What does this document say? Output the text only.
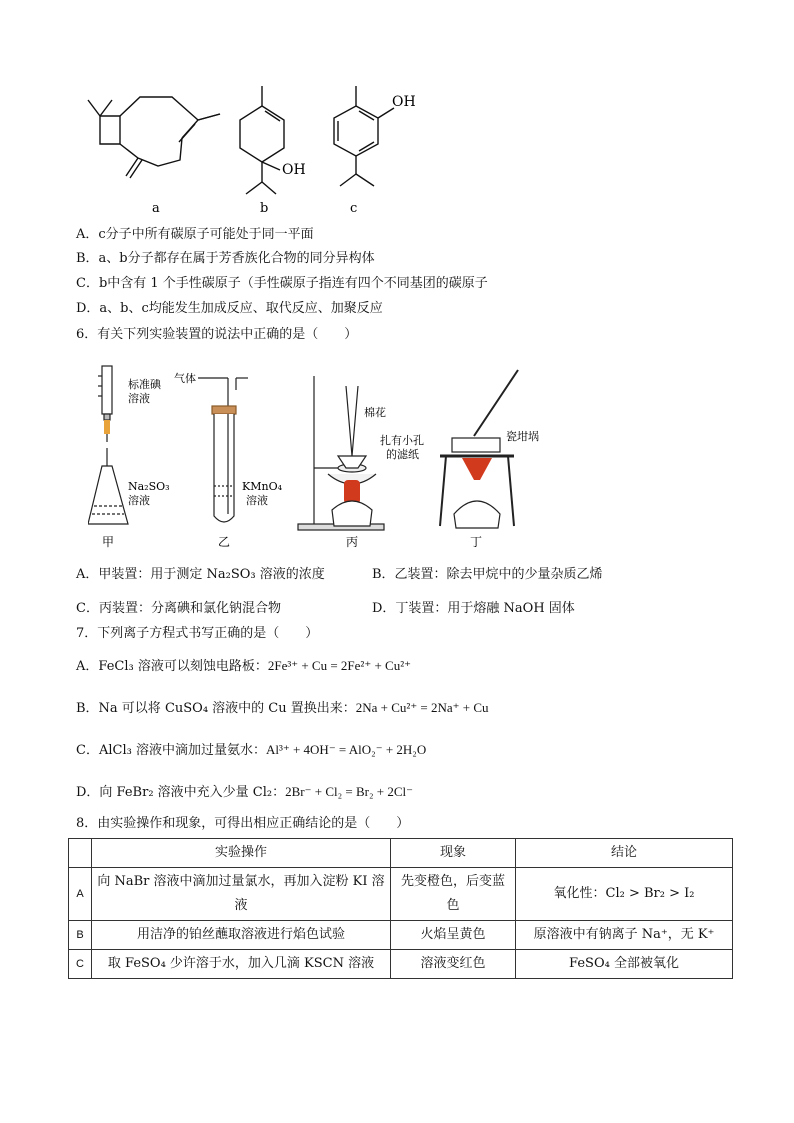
OH
OH
a	b	c
A．c分子中所有碳原子可能处于同一平面
B．a、b分子都存在属于芳香族化合物的同分异构体
C．b中含有 1 个手性碳原子（手性碳原子指连有四个不同基团的碳原子
D．a、b、c均能发生加成反应、取代反应、加聚反应
6．有关下列实验装置的说法中正确的是（　　）
标准碘
溶液
Na₂SO₃
溶液
气体
KMnO₄
溶液
棉花
扎有小孔
的滤纸
瓷坩埚
甲	乙	丙	丁
A．甲装置：用于测定 Na₂SO₃ 溶液的浓度	B．乙装置：除去甲烷中的少量杂质乙烯
C．丙装置：分离碘和氯化钠混合物	D．丁装置：用于熔融 NaOH 固体
7．下列离子方程式书写正确的是（　　）
A．FeCl₃ 溶液可以刻蚀电路板：2Fe³⁺ + Cu = 2Fe²⁺ + Cu²⁺
B．Na 可以将 CuSO₄ 溶液中的 Cu 置换出来：2Na + Cu²⁺ = 2Na⁺ + Cu
C．AlCl₃ 溶液中滴加过量氨水：Al³⁺ + 4OH⁻ = AlO₂⁻ + 2H₂O
D．向 FeBr₂ 溶液中充入少量 Cl₂：2Br⁻ + Cl₂ = Br₂ + 2Cl⁻
8．由实验操作和现象，可得出相应正确结论的是（　　）
	实验操作	现象	结论
A	向 NaBr 溶液中滴加过量氯水，再加入淀粉 KI 溶液	先变橙色，后变蓝色	氧化性：Cl₂ > Br₂ > I₂
B	用洁净的铂丝蘸取溶液进行焰色试验	火焰呈黄色	原溶液中有钠离子 Na⁺，无 K⁺
C	取 FeSO₄ 少许溶于水，加入几滴 KSCN 溶液	溶液变红色	FeSO₄ 全部被氧化
